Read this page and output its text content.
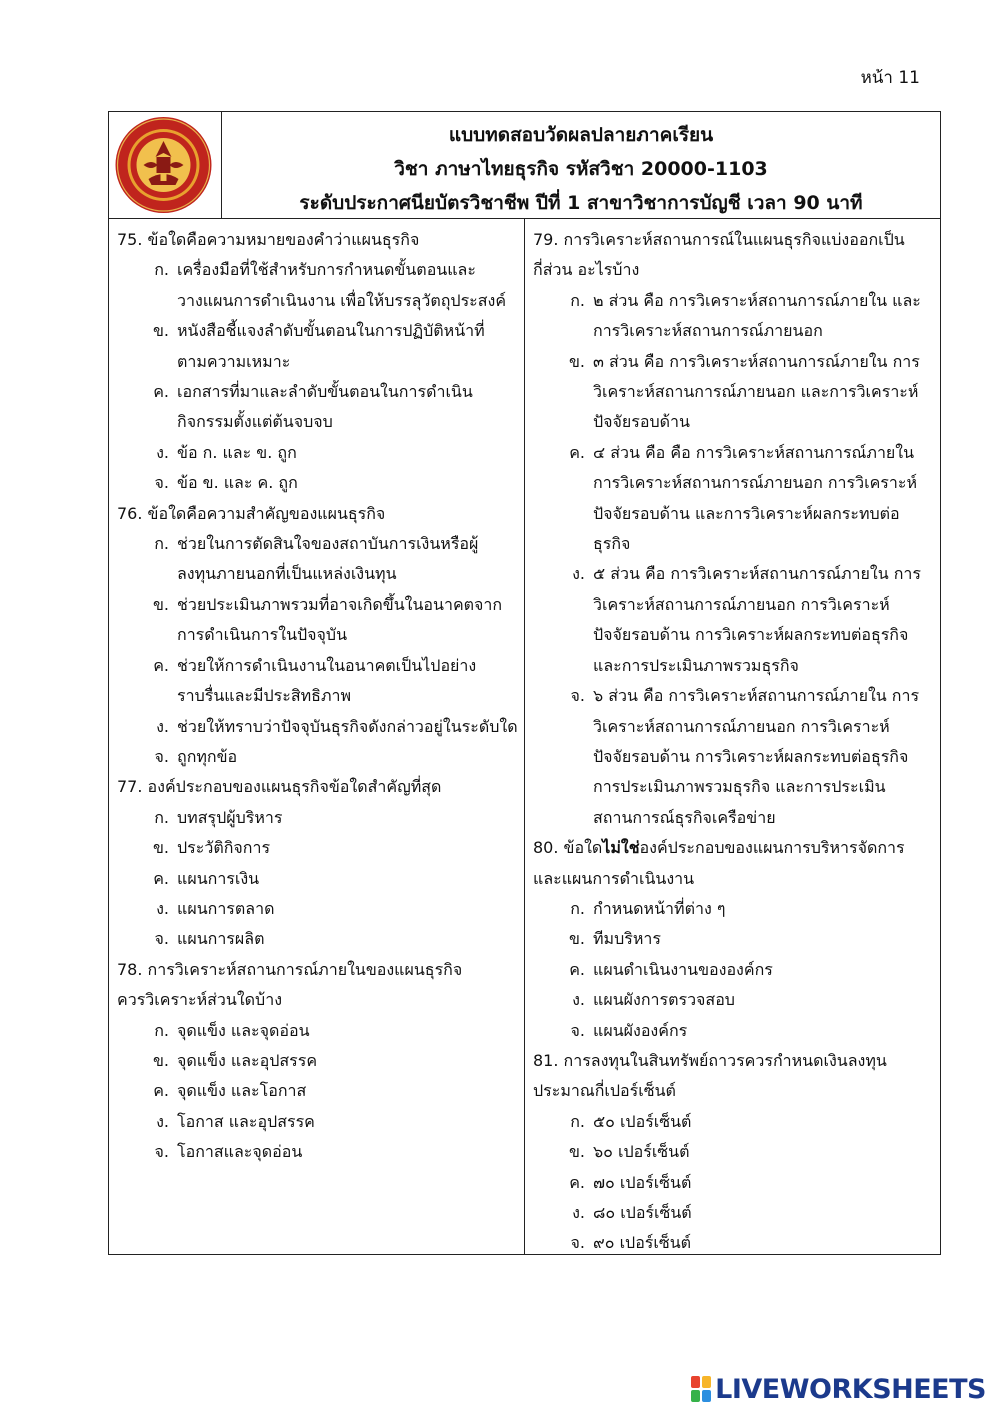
หน้า 11
แบบทดสอบวัดผลปลายภาคเรียน
วิชา ภาษาไทยธุรกิจ รหัสวิชา 20000-1103
ระดับประกาศนียบัตรวิชาชีพ ปีที่ 1 สาขาวิชาการบัญชี เวลา 90 นาที
75. ข้อใดคือความหมายของคำว่าแผนธุรกิจ
ก. เครื่องมือที่ใช้สำหรับการกำหนดขั้นตอนและ
วางแผนการดำเนินงาน เพื่อให้บรรลุวัตถุประสงค์
ข. หนังสือชี้แจงลำดับขั้นตอนในการปฏิบัติหน้าที่
ตามความเหมาะ
ค. เอกสารที่มาและลำดับขั้นตอนในการดำเนิน
กิจกรรมตั้งแต่ต้นจบจบ
ง. ข้อ ก. และ ข. ถูก
จ. ข้อ ข. และ ค. ถูก
76. ข้อใดคือความสำคัญของแผนธุรกิจ
ก. ช่วยในการตัดสินใจของสถาบันการเงินหรือผู้
ลงทุนภายนอกที่เป็นแหล่งเงินทุน
ข. ช่วยประเมินภาพรวมที่อาจเกิดขึ้นในอนาคตจาก
การดำเนินการในปัจจุบัน
ค. ช่วยให้การดำเนินงานในอนาคตเป็นไปอย่าง
ราบรื่นและมีประสิทธิภาพ
ง. ช่วยให้ทราบว่าปัจจุบันธุรกิจดังกล่าวอยู่ในระดับใด
จ. ถูกทุกข้อ
77. องค์ประกอบของแผนธุรกิจข้อใดสำคัญที่สุด
ก. บทสรุปผู้บริหาร
ข. ประวัติกิจการ
ค. แผนการเงิน
ง. แผนการตลาด
จ. แผนการผลิต
78. การวิเคราะห์สถานการณ์ภายในของแผนธุรกิจ
ควรวิเคราะห์ส่วนใดบ้าง
ก. จุดแข็ง และจุดอ่อน
ข. จุดแข็ง และอุปสรรค
ค. จุดแข็ง และโอกาส
ง. โอกาส และอุปสรรค
จ. โอกาสและจุดอ่อน
79. การวิเคราะห์สถานการณ์ในแผนธุรกิจแบ่งออกเป็น
กี่ส่วน อะไรบ้าง
ก. ๒ ส่วน คือ การวิเคราะห์สถานการณ์ภายใน และ
การวิเคราะห์สถานการณ์ภายนอก
ข. ๓ ส่วน คือ การวิเคราะห์สถานการณ์ภายใน การ
วิเคราะห์สถานการณ์ภายนอก และการวิเคราะห์
ปัจจัยรอบด้าน
ค. ๔ ส่วน คือ คือ การวิเคราะห์สถานการณ์ภายใน
การวิเคราะห์สถานการณ์ภายนอก การวิเคราะห์
ปัจจัยรอบด้าน และการวิเคราะห์ผลกระทบต่อ
ธุรกิจ
ง. ๕ ส่วน คือ การวิเคราะห์สถานการณ์ภายใน การ
วิเคราะห์สถานการณ์ภายนอก การวิเคราะห์
ปัจจัยรอบด้าน การวิเคราะห์ผลกระทบต่อธุรกิจ
และการประเมินภาพรวมธุรกิจ
จ. ๖ ส่วน คือ การวิเคราะห์สถานการณ์ภายใน การ
วิเคราะห์สถานการณ์ภายนอก การวิเคราะห์
ปัจจัยรอบด้าน การวิเคราะห์ผลกระทบต่อธุรกิจ
การประเมินภาพรวมธุรกิจ และการประเมิน
สถานการณ์ธุรกิจเครือข่าย
80. ข้อใดไม่ใช่องค์ประกอบของแผนการบริหารจัดการ
และแผนการดำเนินงาน
ก. กำหนดหน้าที่ต่าง ๆ
ข. ทีมบริหาร
ค. แผนดำเนินงานขององค์กร
ง. แผนผังการตรวจสอบ
จ. แผนผังองค์กร
81. การลงทุนในสินทรัพย์ถาวรควรกำหนดเงินลงทุน
ประมาณกี่เปอร์เซ็นต์
ก. ๕๐ เปอร์เซ็นต์
ข. ๖๐ เปอร์เซ็นต์
ค. ๗๐ เปอร์เซ็นต์
ง. ๘๐ เปอร์เซ็นต์
จ. ๙๐ เปอร์เซ็นต์
LIVEWORKSHEETS
